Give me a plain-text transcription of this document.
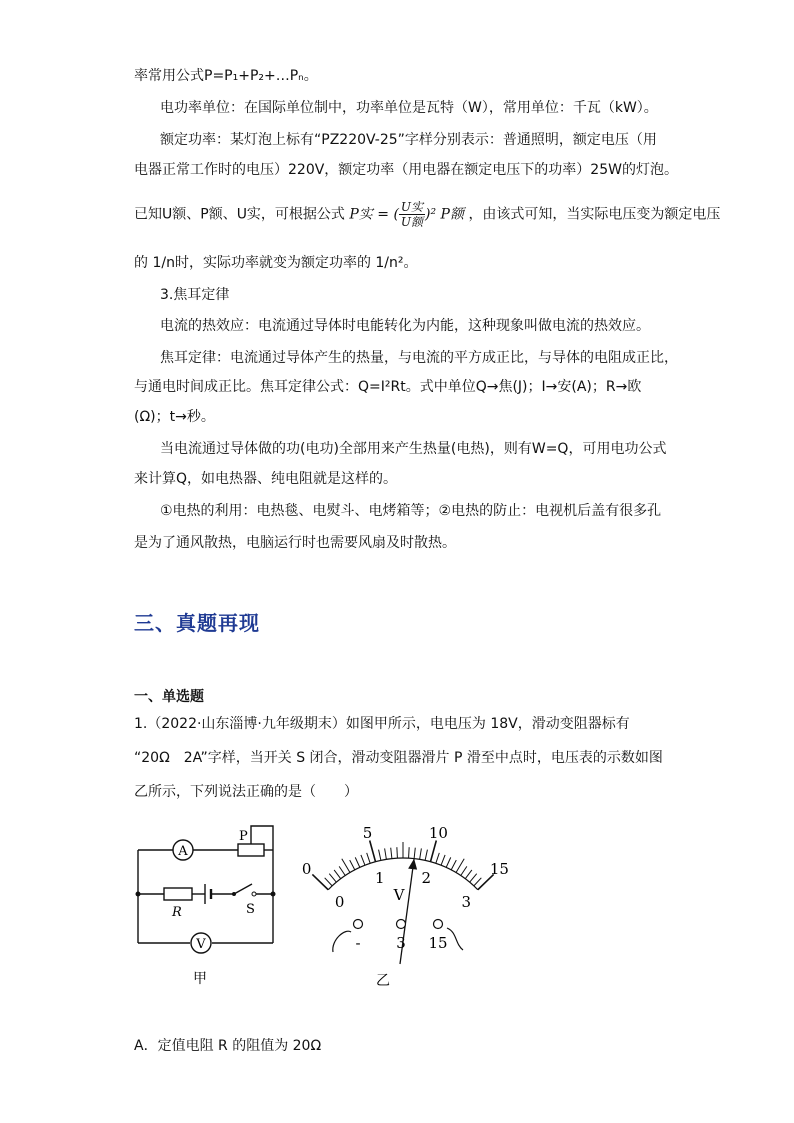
率常用公式P=P₁+P₂+…Pₙ。
电功率单位：在国际单位制中，功率单位是瓦特（W），常用单位：千瓦（kW）。
额定功率：某灯泡上标有“PZ220V-25”字样分别表示：普通照明，额定电压（用
电器正常工作时的电压）220V，额定功率（用电器在额定电压下的功率）25W的灯泡。
已知U额、P额、U实，可根据公式 P实 = ( $\frac{\text{U实}}{\text{U额}} )^2$ P额 ，由该式可知，当实际电压变为额定电压
的 1/n时，实际功率就变为额定功率的 1/n²。
3.焦耳定律
电流的热效应：电流通过导体时电能转化为内能，这种现象叫做电流的热效应。
焦耳定律：电流通过导体产生的热量，与电流的平方成正比，与导体的电阻成正比，
与通电时间成正比。焦耳定律公式：Q=I²Rt。式中单位Q→焦(J)；I→安(A)；R→欧
(Ω)；t→秒。
当电流通过导体做的功(电功)全部用来产生热量(电热)，则有W=Q，可用电功公式
来计算Q，如电热器、纯电阻就是这样的。
①电热的利用：电热毯、电熨斗、电烤箱等；②电热的防止：电视机后盖有很多孔
是为了通风散热，电脑运行时也需要风扇及时散热。
三、真题再现
一、单选题
1.（2022·山东淄博·九年级期末）如图甲所示，电电压为 18V，滑动变阻器标有
“20Ω　2A”字样，当开关 S 闭合，滑动变阻器滑片 P 滑至中点时，电压表的示数如图
乙所示，下列说法正确的是（　　）
A
V
P
R	S
甲
0
5	10
15
0
1 2
3
V
- 3 15
乙
A．定值电阻 R 的阻值为 20Ω
